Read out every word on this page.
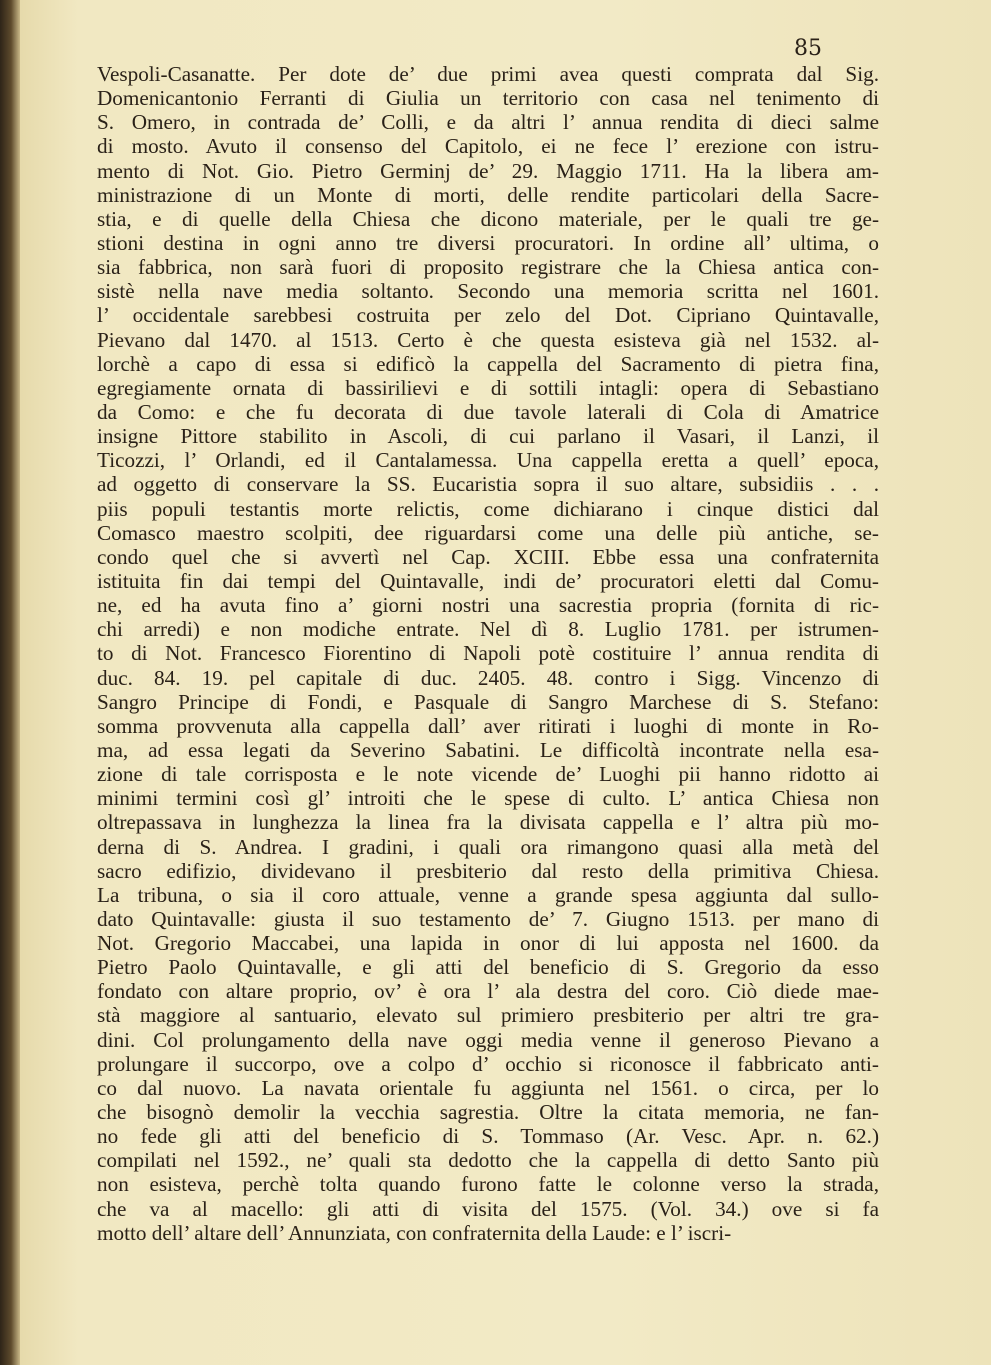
85
Vespoli-Casanatte. Per dote de’ due primi avea questi comprata dal Sig.
Domenicantonio Ferranti di Giulia un territorio con casa nel tenimento di
S. Omero, in contrada de’ Colli, e da altri l’ annua rendita di dieci salme
di mosto. Avuto il consenso del Capitolo, ei ne fece l’ erezione con istru-
mento di Not. Gio. Pietro Germinj de’ 29. Maggio 1711. Ha la libera am-
ministrazione di un Monte di morti, delle rendite particolari della Sacre-
stia, e di quelle della Chiesa che dicono materiale, per le quali tre ge-
stioni destina in ogni anno tre diversi procuratori. In ordine all’ ultima, o
sia fabbrica, non sarà fuori di proposito registrare che la Chiesa antica con-
sistè nella nave media soltanto. Secondo una memoria scritta nel 1601.
l’ occidentale sarebbesi costruita per zelo del Dot. Cipriano Quintavalle,
Pievano dal 1470. al 1513. Certo è che questa esisteva già nel 1532. al-
lorchè a capo di essa si edificò la cappella del Sacramento di pietra fina,
egregiamente ornata di bassirilievi e di sottili intagli: opera di Sebastiano
da Como: e che fu decorata di due tavole laterali di Cola di Amatrice
insigne Pittore stabilito in Ascoli, di cui parlano il Vasari, il Lanzi, il
Ticozzi, l’ Orlandi, ed il Cantalamessa. Una cappella eretta a quell’ epoca,
ad oggetto di conservare la SS. Eucaristia sopra il suo altare, subsidiis . . .
piis populi testantis morte relictis, come dichiarano i cinque distici dal
Comasco maestro scolpiti, dee riguardarsi come una delle più antiche, se-
condo quel che si avvertì nel Cap. XCIII. Ebbe essa una confraternita
istituita fin dai tempi del Quintavalle, indi de’ procuratori eletti dal Comu-
ne, ed ha avuta fino a’ giorni nostri una sacrestia propria (fornita di ric-
chi arredi) e non modiche entrate. Nel dì 8. Luglio 1781. per istrumen-
to di Not. Francesco Fiorentino di Napoli potè costituire l’ annua rendita di
duc. 84. 19. pel capitale di duc. 2405. 48. contro i Sigg. Vincenzo di
Sangro Principe di Fondi, e Pasquale di Sangro Marchese di S. Stefano:
somma provvenuta alla cappella dall’ aver ritirati i luoghi di monte in Ro-
ma, ad essa legati da Severino Sabatini. Le difficoltà incontrate nella esa-
zione di tale corrisposta e le note vicende de’ Luoghi pii hanno ridotto ai
minimi termini così gl’ introiti che le spese di culto. L’ antica Chiesa non
oltrepassava in lunghezza la linea fra la divisata cappella e l’ altra più mo-
derna di S. Andrea. I gradini, i quali ora rimangono quasi alla metà del
sacro edifizio, dividevano il presbiterio dal resto della primitiva Chiesa.
La tribuna, o sia il coro attuale, venne a grande spesa aggiunta dal sullo-
dato Quintavalle: giusta il suo testamento de’ 7. Giugno 1513. per mano di
Not. Gregorio Maccabei, una lapida in onor di lui apposta nel 1600. da
Pietro Paolo Quintavalle, e gli atti del beneficio di S. Gregorio da esso
fondato con altare proprio, ov’ è ora l’ ala destra del coro. Ciò diede mae-
stà maggiore al santuario, elevato sul primiero presbiterio per altri tre gra-
dini. Col prolungamento della nave oggi media venne il generoso Pievano a
prolungare il succorpo, ove a colpo d’ occhio si riconosce il fabbricato anti-
co dal nuovo. La navata orientale fu aggiunta nel 1561. o circa, per lo
che bisognò demolir la vecchia sagrestia. Oltre la citata memoria, ne fan-
no fede gli atti del beneficio di S. Tommaso (Ar. Vesc. Apr. n. 62.)
compilati nel 1592., ne’ quali sta dedotto che la cappella di detto Santo più
non esisteva, perchè tolta quando furono fatte le colonne verso la strada,
che va al macello: gli atti di visita del 1575. (Vol. 34.) ove si fa
motto dell’ altare dell’ Annunziata, con confraternita della Laude: e l’ iscri-
